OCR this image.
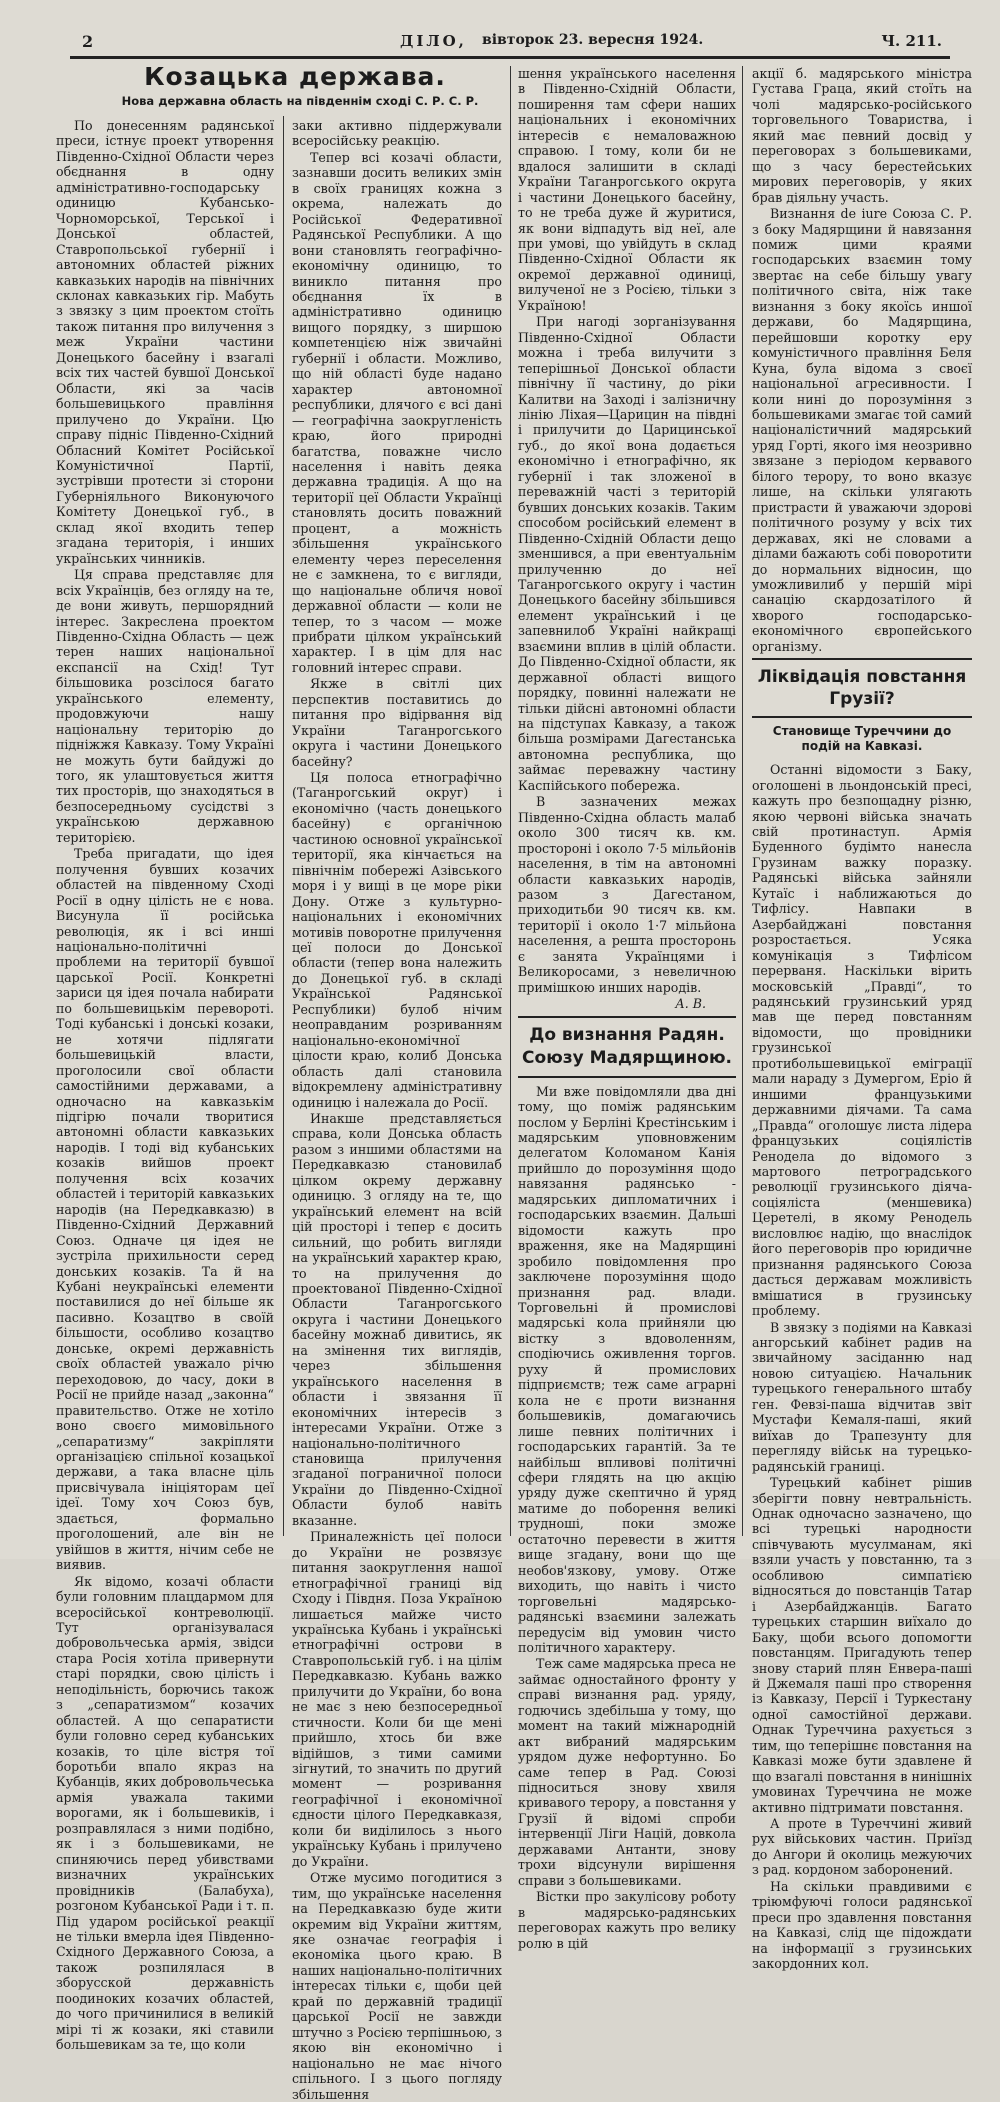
2	ДІЛО, вівторок 23. вересня 1924.	Ч. 211.
Козацька держава.
Нова державна область на південнім сході С. Р. С. Р.

По донесенням радянської преси, істнує проект утворення Південно-Східної Области через обєднання в одну адміністративно-господарську одиницю Кубансько-Чорноморської, Терської і Донської областей, Ставропольської губернії і автономних областей ріжних кавказьких народів на північних склонах кавказьких гір. Мабуть з звязку з цим проектом стоїть також питання про вилучення з меж України частини Донецького басейну і взагалі всіх тих частей бувшої Донської Области, які за часів большевицького правління прилучено до України. Цю справу підніс Південно-Східний Обласний Комітет Російської Комуністичної Партії, зустрівши протести зі сторони Губерніяльного Виконуючого Комітету Донецької губ., в склад якої входить тепер згадана територія, і инших українських чинників.

Ця справа представляє для всіх Українців, без огляду на те, де вони живуть, першорядний інтерес. Закреслена проектом Південно-Східна Область — цеж терен наших національної експансії на Схід! Тут більшовика розсілося багато українського елементу, продовжуючи нашу національну територію до підніжжя Кавказу. Тому Україні не можуть бути байдужі до того, як улаштовується життя тих просторів, що знаходяться в безпосередньому сусідстві з українською державною територією.

Треба пригадати, що ідея получення бувших козачих областей на південному Сході Росії в одну цілість не є нова. Висунула її російська революція, як і всі инші національно-політичні проблеми на території бувшої царської Росії. Конкретні зариси ця ідея почала набирати по большевицькім перевороті. Тоді кубанські і донські козаки, не хотячи підлягати большевицькій власти, проголосили свої области самостійними державами, а одночасно на кавказькім підгірю почали творитися автономні области кавказьких народів. І тоді від кубанських козаків вийшов проект получення всіх козачих областей і територій кавказьких народів (на Передкавказю) в Південно-Східний Державний Союз. Одначе ця ідея не зустріла прихильности серед донських козаків. Та й на Кубані неукраїнські елементи поставилися до неї більше як пасивно. Козацтво в своїй більшости, особливо козацтво донське, окремі державність своїх областей уважало річю переходовою, до часу, доки в Росії не прийде назад „законна“ правительство. Отже не хотіло воно своєго мимовільного „сепаратизму“ закріпляти організацією спільної козацької держави, а така власне ціль присвічувала ініціяторам цеї ідеї. Тому хоч Союз був, здається, формально проголошений, але він не увійшов в життя, нічим себе не виявив.

Як відомо, козачі области були головним плацдармом для всеросійської контреволюції. Тут організувалася добровольчеська армія, звідси стара Росія хотіла привернути старі порядки, свою цілість і неподільність, борючись також з „сепаратизмом“ козачих областей. А що сепаратисти були головно серед кубанських козаків, то ціле вістря тої боротьби впало якраз на Кубанців, яких добровольчеська армія уважала такими ворогами, як і большевиків, і розправлялася з ними подібно, як і з большевиками, не спиняючись перед убивствами визначних українських провідників (Балабуха), розгоном Кубанської Ради і т. п. Під ударом російської реакції не тільки вмерла ідея Південно-Східного Державного Союза, а також розпилялася в зборусской державність поодиноких козачих областей, до чого причинилися в великій мірі ті ж козаки, які ставили большевикам за те, що коли

заки активно піддержували всеросійську реакцію.

Тепер всі козачі области, зазнавши досить великих змін в своїх границях кожна з окрема, належать до Російської Федеративної Радянської Республики. А що вони становлять географічно-економічну одиницю, то виникло питання про обєднання їх в адміністративно одиницю вищого порядку, з ширшою компетенцією ніж звичайні губернії і области. Можливо, що ній області буде надано характер автономної республики, длячого є всі дані — географічна заокругленість краю, його природні багатства, поважне число населення і навіть деяка державна традиція. А що на території цеї Области Українці становлять досить поважний процент, а можність збільшення українського елементу через переселення не є замкнена, то є вигляди, що національне обличя нової державної области — коли не тепер, то з часом — може прибрати цілком український характер. І в цім для нас головний інтерес справи.

Якже в світлі цих перспектив поставитись до питання про відірвання від України Таганрогського округа і частини Донецького басейну?

Ця полоса етнографічно (Таганрогський округ) і економічно (часть донецького басейну) є органічною частиною основної української території, яка кінчається на північнім побережі Азівського моря і у вищі в це море ріки Дону. Отже з культурно-національних і економічних мотивів поворотне прилучення цеї полоси до Донської области (тепер вона належить до Донецької губ. в складі Української Радянської Республики) булоб нічим неоправданим розриванням національно-економічної цілости краю, колиб Донська область далі становила відокремлену адміністративну одиницю і належала до Росії.

Инакше представляється справа, коли Донська область разом з иншими областями на Передкавказю становилаб цілком окрему державну одиницю. З огляду на те, що український елемент на всій цій просторі і тепер є досить сильний, що робить вигляди на український характер краю, то на прилучення до проектованої Південно-Східної Области Таганрогського округа і частини Донецького басейну можнаб дивитись, як на змінення тих виглядів, через збільшення українського населення в области і звязання її економічних інтересів з інтересами України. Отже з національно-політичного становища прилучення згаданої пограничної полоси України до Південно-Східної Области булоб навіть вказанне.

Приналежність цеї полоси до України не розвязує питання заокруглення нашої етнографічної границі від Сходу і Півдня. Поза Україною лишається майже чисто українська Кубань і українські етнографічні острови в Ставропольській губ. і на цілім Передкавказю. Кубань важко прилучити до України, бо вона не має з нею безпосередньої стичности. Коли би ще мені прийшло, хтось би вже відійшов, з тими самими зігнутий, то значить по другий момент — розривання географічної і економічної єдности цілого Передкавказя, коли би виділилось з нього українську Кубань і прилучено до України.

Отже мусимо погодитися з тим, що українське населення на Передкавказю буде жити окремим від України життям, яке означає географія і економіка цього краю. В наших національно-політичних інтересах тільки є, щоби цей край по державній традиції царської Росії не завжди штучно з Росією терпішньою, з якою він економічно і національно не має нічого спільного. І з цього погляду збільшення

шення українського населення в Південно-Східній Области, поширення там сфери наших національних і економічних інтересів є немаловажною справою. І тому, коли би не вдалося залишити в складі України Таганрогського округа і частини Донецького басейну, то не треба дуже й журитися, як вони відпадуть від неї, але при умові, що увійдуть в склад Південно-Східної Области як окремої державної одиниці, вилученої не з Росією, тільки з Україною!

При нагоді зорганізування Південно-Східної Области можна і треба вилучити з теперішньої Донської области північну її частину, до ріки Калитви на Заході і залізничну лінію Ліхая—Царицин на півдні і прилучити до Царицинської губ., до якої вона додається економічно і етнографічно, як губернії і так зложеної в переважній часті з територій бувших донських козаків. Таким способом російський елемент в Південно-Східній Области дещо зменшився, а при евентуальнім прилученню до неї Таганрогського округу і частин Донецького басейну збільшився елемент український і це запевнилоб Україні найкращі взаємини вплив в цілій области. До Південно-Східної области, як державної області вищого порядку, повинні належати не тільки дійсні автономні области на підступах Кавказу, а також більша розмірами Дагестанська автономна республика, що займає переважну частину Каспійського побережа.

В зазначених межах Південно-Східна область малаб около 300 тисяч кв. км. простороні і около 7·5 мільйонів населення, в тім на автономні области кавказьких народів, разом з Дагестаном, приходитьби 90 тисяч кв. км. території і около 1·7 мільйона населення, а решта просторонь є занята Українцями і Великоросами, з невеличною примішкою инших народів.

А. В.

До визнання Радян. Союзу Мадярщиною.

Ми вже повідомляли два дні тому, що поміж радянським послом у Берліні Крестінським і мадярським уповновженим делегатом Коломаном Канія прийшло до порозуміння щодо навязання радянсько - мадярських дипломатичних і господарських взаємин. Дальші відомости кажуть про враження, яке на Мадярщині зробило повідомлення про заключене порозуміння щодо признання рад. влади. Торговельні й промислові мадярські кола прийняли цю вістку з вдоволенням, сподіючись оживлення торгов. руху й промислових підприємств; теж саме аграрні кола не є проти визнання большевиків, домагаючись лише певних політичних і господарських гарантій. За те найбільш впливові політичні сфери глядять на цю акцію уряду дуже скептично й уряд матиме до поборення великі трудноші, поки зможе остаточно перевести в життя вище згадану, вони що ще необов'язкову, умову. Отже виходить, що навіть і чисто торговельні мадярсько-радянські взаємини залежать передусім від умовин чисто політичного характеру.

Теж саме мадярська преса не займає одностайного фронту у справі визнання рад. уряду, годючись здебільша у тому, що момент на такий міжнародній акт вибраний мадярським урядом дуже нефортунно. Бо саме тепер в Рад. Союзі підноситься знову хвиля кривавого терору, а повстання у Грузії й відомі спроби інтервенції Ліги Націй, довкола державами Антанти, знову трохи відсунули вирішення справи з большевиками.

Вістки про закулісову роботу в мадярсько-радянських переговорах кажуть про велику ролю в цій

акції б. мадярського міністра Густава Граца, який стоїть на чолі мадярсько-російського торговельного Товариства, і який має певний досвід у переговорах з большевиками, що з часу берестейських мирових переговорів, у яких брав діяльну участь.

Визнання de iure Союза С. Р. з боку Мадярщини й навязання помиж цими краями господарських взаємин тому звертає на себе більшу увагу політичного світа, ніж таке визнання з боку якоїсь иншої держави, бо Мадярщина, перейшовши коротку еру комуністичного правління Беля Куна, була відома з своєї національної агресивности. І коли нині до порозуміння з большевиками змагає той самий націоналістичний мадярський уряд Горті, якого імя неозривно звязане з періодом кервавого білого терору, то воно вказує лише, на скільки улягають пристрасти й уважаючи здорові політичного розуму у всіх тих державах, які не словами а ділами бажають собі поворотити до нормальних відносин, що уможливилиб у першій мірі санацію скардозатілого й хворого господарсько-економічного європейського організму.

Ліквідація повстання Грузії?
Становище Туреччини до подій на Кавказі.

Останні відомости з Баку, оголошені в льондонській пресі, кажуть про безпощадну різню, якою червоні війська значать свій протинаступ. Армія Буденного будімто нанесла Грузинам важку поразку. Радянські війська зайняли Кутаїс і наближаються до Тифлісу. Навпаки в Азербайджані повстання розростається. Усяка комунікація з Тифлісом перерваня. Наскільки вірить московській „Правді“, то радянський грузинський уряд мав ще перед повстанням відомости, що провідники грузинської протибольшевицької еміграції мали нараду з Думергом, Еріо й иншими французькими державними діячами. Та сама „Правда“ оголошує листа лідера французьких соціялістів Ренодела до відомого з мартового петроградського революції грузинського діяча-соціяліста (меншевика) Церетелі, в якому Ренодель висловлює надію, що внаслідок його переговорів про юридичне признання радянського Союза дасться державам можливість вмішатися в грузинську проблему.

В звязку з подіями на Кавказі ангорський кабінет радив на звичайному засіданню над новою ситуацією. Начальник турецького генерального штабу ген. Февзі-паша відчитав звіт Мустафи Кемаля-паші, який виїхав до Трапезунту для перегляду військ на турецько-радянській границі.

Турецький кабінет рішив зберігти повну невтральність. Однак одночасно зазначено, що всі турецькі народности співчувають мусулманам, які взяли участь у повстанню, та з особливою симпатією відносяться до повстанців Татар і Азербайджанців. Багато турецьких старшин виїхало до Баку, щоби всього допомогти повстанцям. Пригадують тепер знову старий плян Енвера-паші й Джемаля паші про створення із Кавказу, Персії і Туркестану одної самостійної держави. Однак Туреччина рахується з тим, що теперішнє повстання на Кавказі може бути здавлене й що взагалі повстання в нинішніх умовинах Туреччина не може активно підтримати повстання.

А проте в Туреччині живий рух військових частин. Приїзд до Ангори й околиць межуючих з рад. кордоном заборонений.

На скільки правдивими є тріюмфуючі голоси радянської преси про здавлення повстання на Кавказі, слід ще підождати на інформації з грузинських закордонних кол.
